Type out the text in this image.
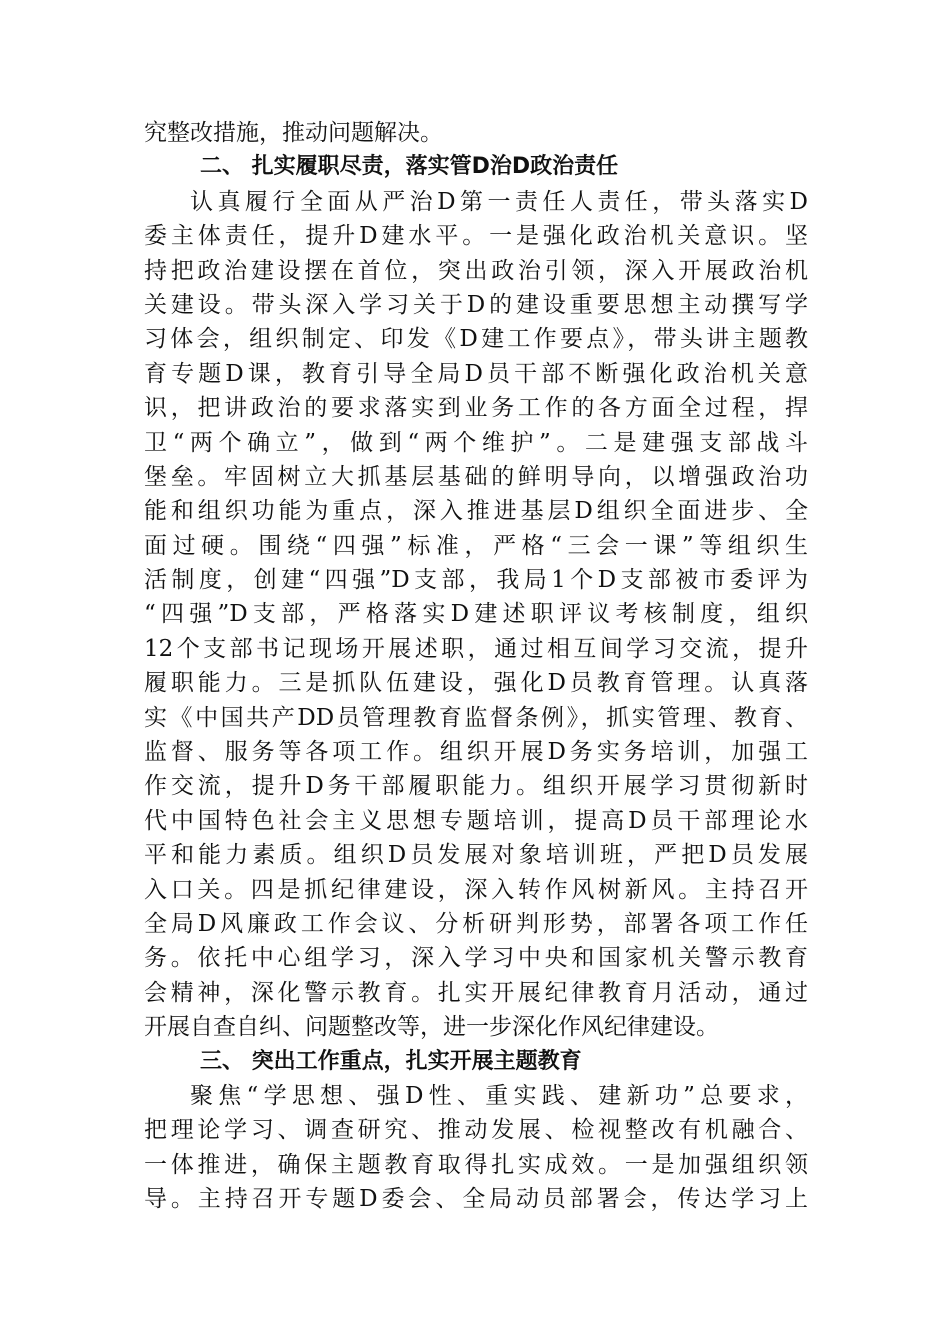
究整改措施，推动问题解决。
二、 扎实履职尽责，落实管D治D政治责任
认真履行全面从严治D第一责任人责任，带头落实D
委主体责任，提升D建水平。一是强化政治机关意识。坚
持把政治建设摆在首位，突出政治引领，深入开展政治机
关建设。带头深入学习关于D的建设重要思想主动撰写学
习体会，组织制定、印发《D建工作要点》，带头讲主题教
育专题D课，教育引导全局D员干部不断强化政治机关意
识，把讲政治的要求落实到业务工作的各方面全过程，捍
卫“两个确立”，做到“两个维护”。二是建强支部战斗
堡垒。牢固树立大抓基层基础的鲜明导向，以增强政治功
能和组织功能为重点，深入推进基层D组织全面进步、全
面过硬。围绕“四强”标准，严格“三会一课”等组织生
活制度，创建“四强”D支部，我局1个D支部被市委评为
“四强”D支部，严格落实D建述职评议考核制度，组织
12个支部书记现场开展述职，通过相互间学习交流，提升
履职能力。三是抓队伍建设，强化D员教育管理。认真落
实《中国共产DD员管理教育监督条例》，抓实管理、教育、
监督、服务等各项工作。组织开展D务实务培训，加强工
作交流，提升D务干部履职能力。组织开展学习贯彻新时
代中国特色社会主义思想专题培训，提高D员干部理论水
平和能力素质。组织D员发展对象培训班，严把D员发展
入口关。四是抓纪律建设，深入转作风树新风。主持召开
全局D风廉政工作会议、分析研判形势，部署各项工作任
务。依托中心组学习，深入学习中央和国家机关警示教育
会精神，深化警示教育。扎实开展纪律教育月活动，通过
开展自查自纠、问题整改等，进一步深化作风纪律建设。
三、 突出工作重点，扎实开展主题教育
聚焦“学思想、强D性、重实践、建新功”总要求，
把理论学习、调查研究、推动发展、检视整改有机融合、
一体推进，确保主题教育取得扎实成效。一是加强组织领
导。主持召开专题D委会、全局动员部署会，传达学习上
